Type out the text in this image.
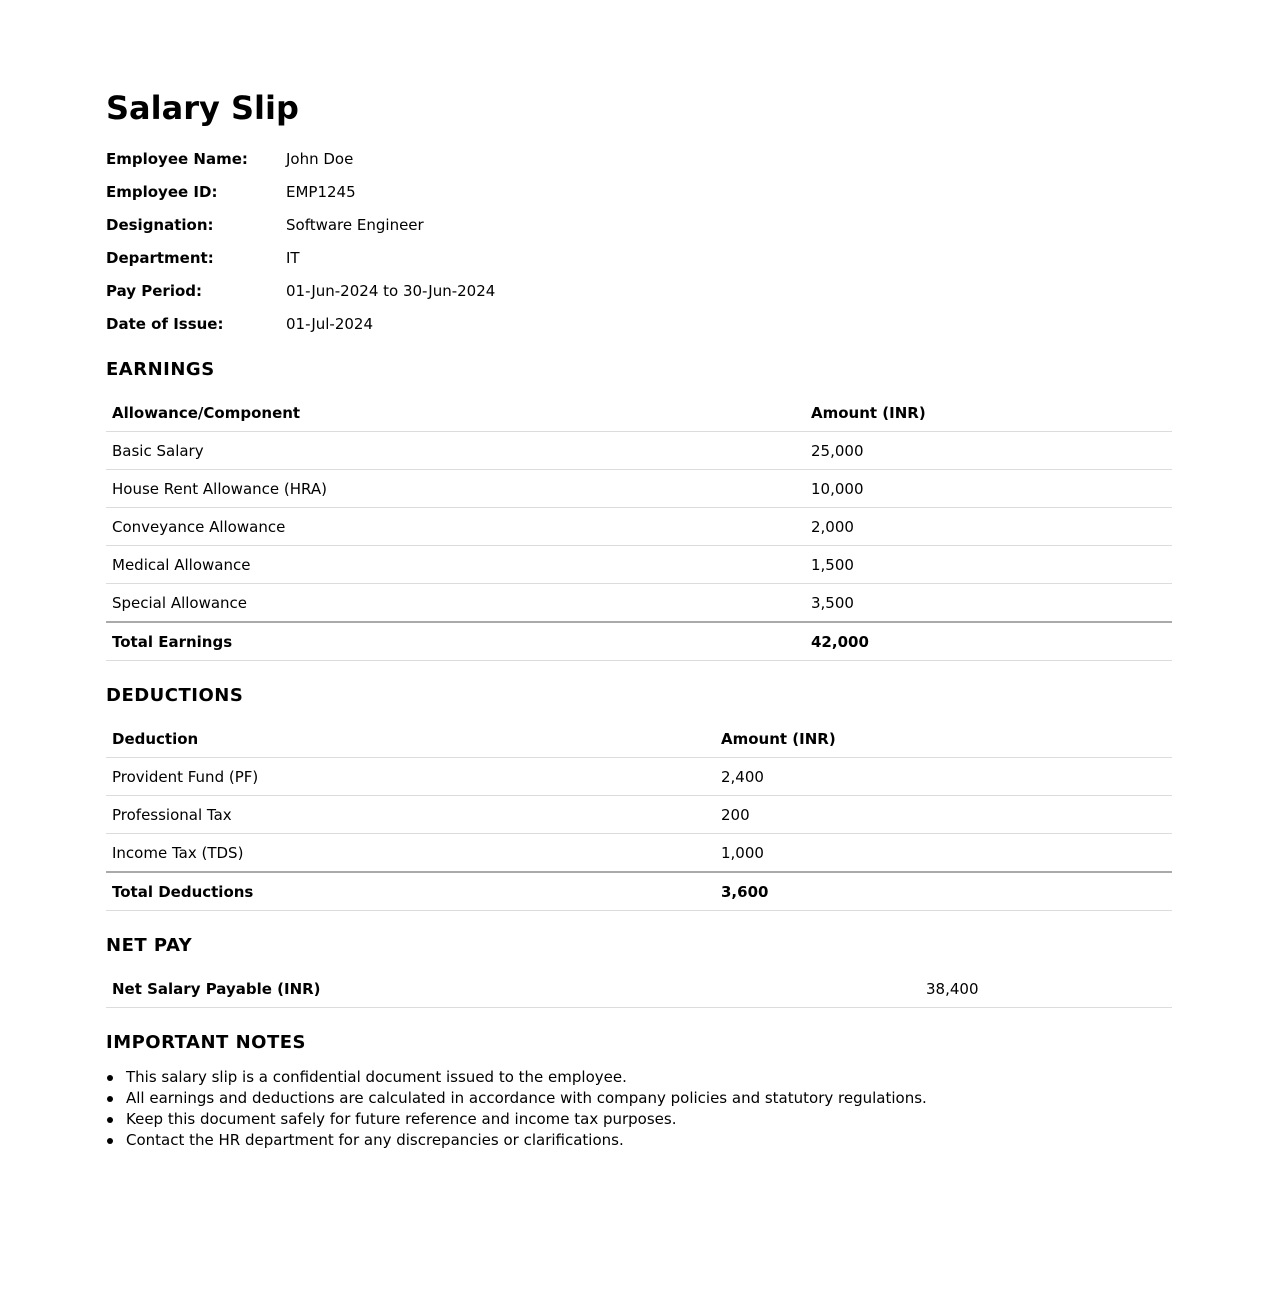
Salary Slip
Employee Name:	John Doe
Employee ID:	EMP1245
Designation:	Software Engineer
Department:	IT
Pay Period:	01-Jun-2024 to 30-Jun-2024
Date of Issue:	01-Jul-2024
EARNINGS
Allowance/Component	Amount (INR)
Basic Salary	25,000
House Rent Allowance (HRA)	10,000
Conveyance Allowance	2,000
Medical Allowance	1,500
Special Allowance	3,500
Total Earnings	42,000
DEDUCTIONS
Deduction	Amount (INR)
Provident Fund (PF)	2,400
Professional Tax	200
Income Tax (TDS)	1,000
Total Deductions	3,600
NET PAY
Net Salary Payable (INR)	38,400
IMPORTANT NOTES
This salary slip is a confidential document issued to the employee.
All earnings and deductions are calculated in accordance with company policies and statutory regulations.
Keep this document safely for future reference and income tax purposes.
Contact the HR department for any discrepancies or clarifications.
